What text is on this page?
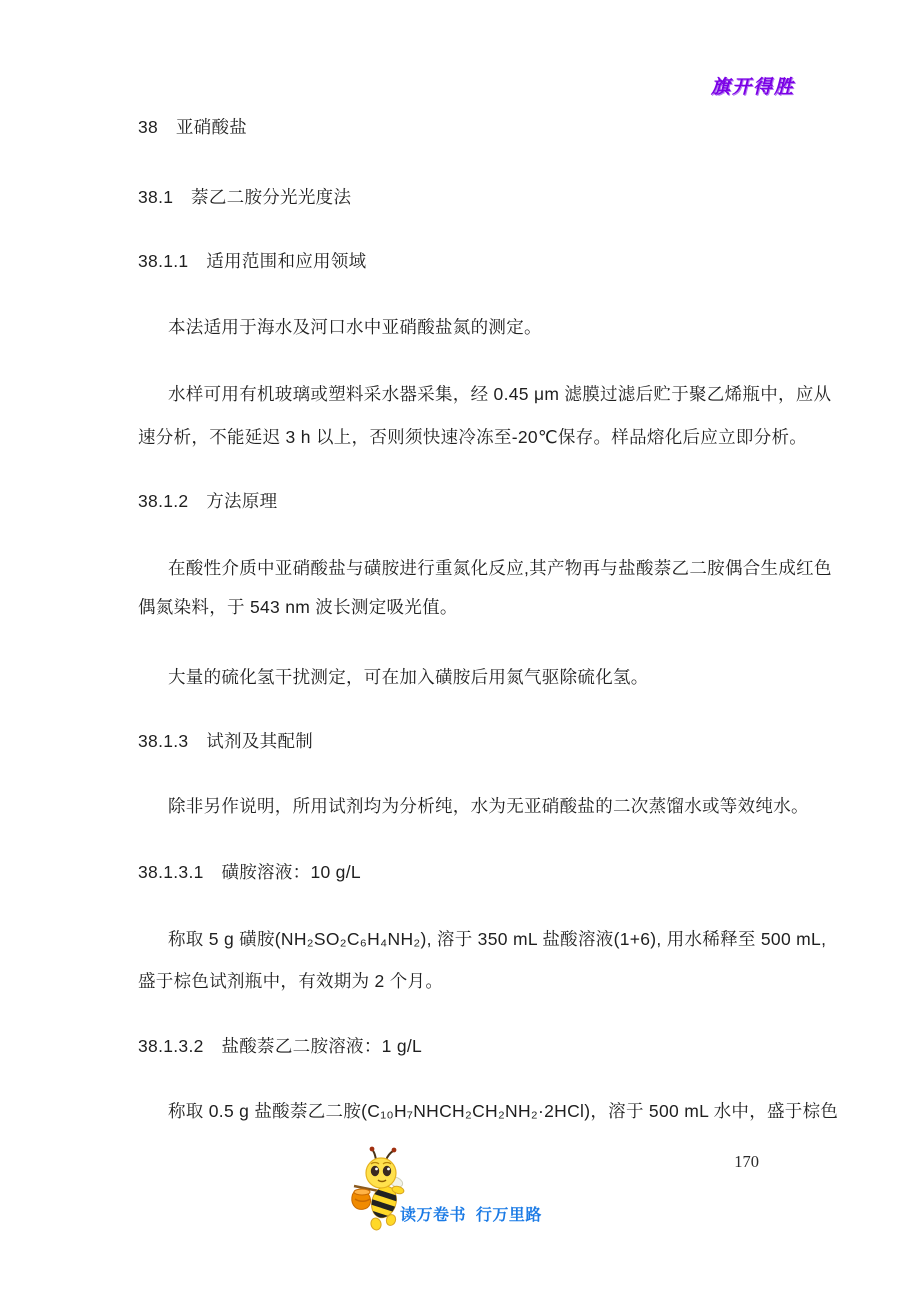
旗开得胜
38　亚硝酸盐
38.1　萘乙二胺分光光度法
38.1.1　适用范围和应用领域
本法适用于海水及河口水中亚硝酸盐氮的测定。
水样可用有机玻璃或塑料采水器采集，经 0.45 μm 滤膜过滤后贮于聚乙烯瓶中，应从
速分析，不能延迟 3 h 以上，否则须快速冷冻至-20℃保存。样品熔化后应立即分析。
38.1.2　方法原理
在酸性介质中亚硝酸盐与磺胺进行重氮化反应,其产物再与盐酸萘乙二胺偶合生成红色
偶氮染料，于 543 nm 波长测定吸光值。
大量的硫化氢干扰测定，可在加入磺胺后用氮气驱除硫化氢。
38.1.3　试剂及其配制
除非另作说明，所用试剂均为分析纯，水为无亚硝酸盐的二次蒸馏水或等效纯水。
38.1.3.1　磺胺溶液：10 g/L
称取 5 g 磺胺(NH₂SO₂C₆H₄NH₂), 溶于 350 mL 盐酸溶液(1+6), 用水稀释至 500 mL,
盛于棕色试剂瓶中，有效期为 2 个月。
38.1.3.2　盐酸萘乙二胺溶液：1 g/L
称取 0.5 g 盐酸萘乙二胺(C₁₀H₇NHCH₂CH₂NH₂·2HCl)，溶于 500 mL 水中，盛于棕色
读万卷书  行万里路
170
